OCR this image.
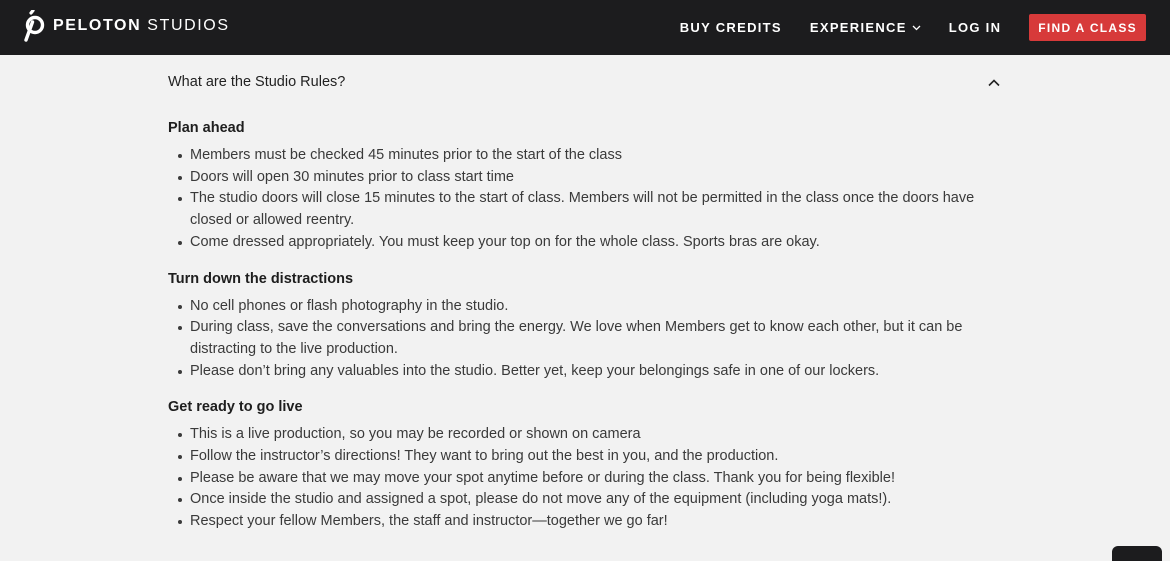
PELOTON STUDIOS	BUY CREDITS EXPERIENCE	LOG IN	FIND A CLASS
What are the Studio Rules?
Plan ahead
Members must be checked 45 minutes prior to the start of the class
Doors will open 30 minutes prior to class start time
The studio doors will close 15 minutes to the start of class. Members will not be permitted in the class once the doors have closed or allowed reentry.
Come dressed appropriately. You must keep your top on for the whole class. Sports bras are okay.
Turn down the distractions
No cell phones or flash photography in the studio.
During class, save the conversations and bring the energy. We love when Members get to know each other, but it can be distracting to the live production.
Please don’t bring any valuables into the studio. Better yet, keep your belongings safe in one of our lockers.
Get ready to go live
This is a live production, so you may be recorded or shown on camera
Follow the instructor’s directions! They want to bring out the best in you, and the production.
Please be aware that we may move your spot anytime before or during the class. Thank you for being flexible!
Once inside the studio and assigned a spot, please do not move any of the equipment (including yoga mats!).
Respect your fellow Members, the staff and instructor—together we go far!
